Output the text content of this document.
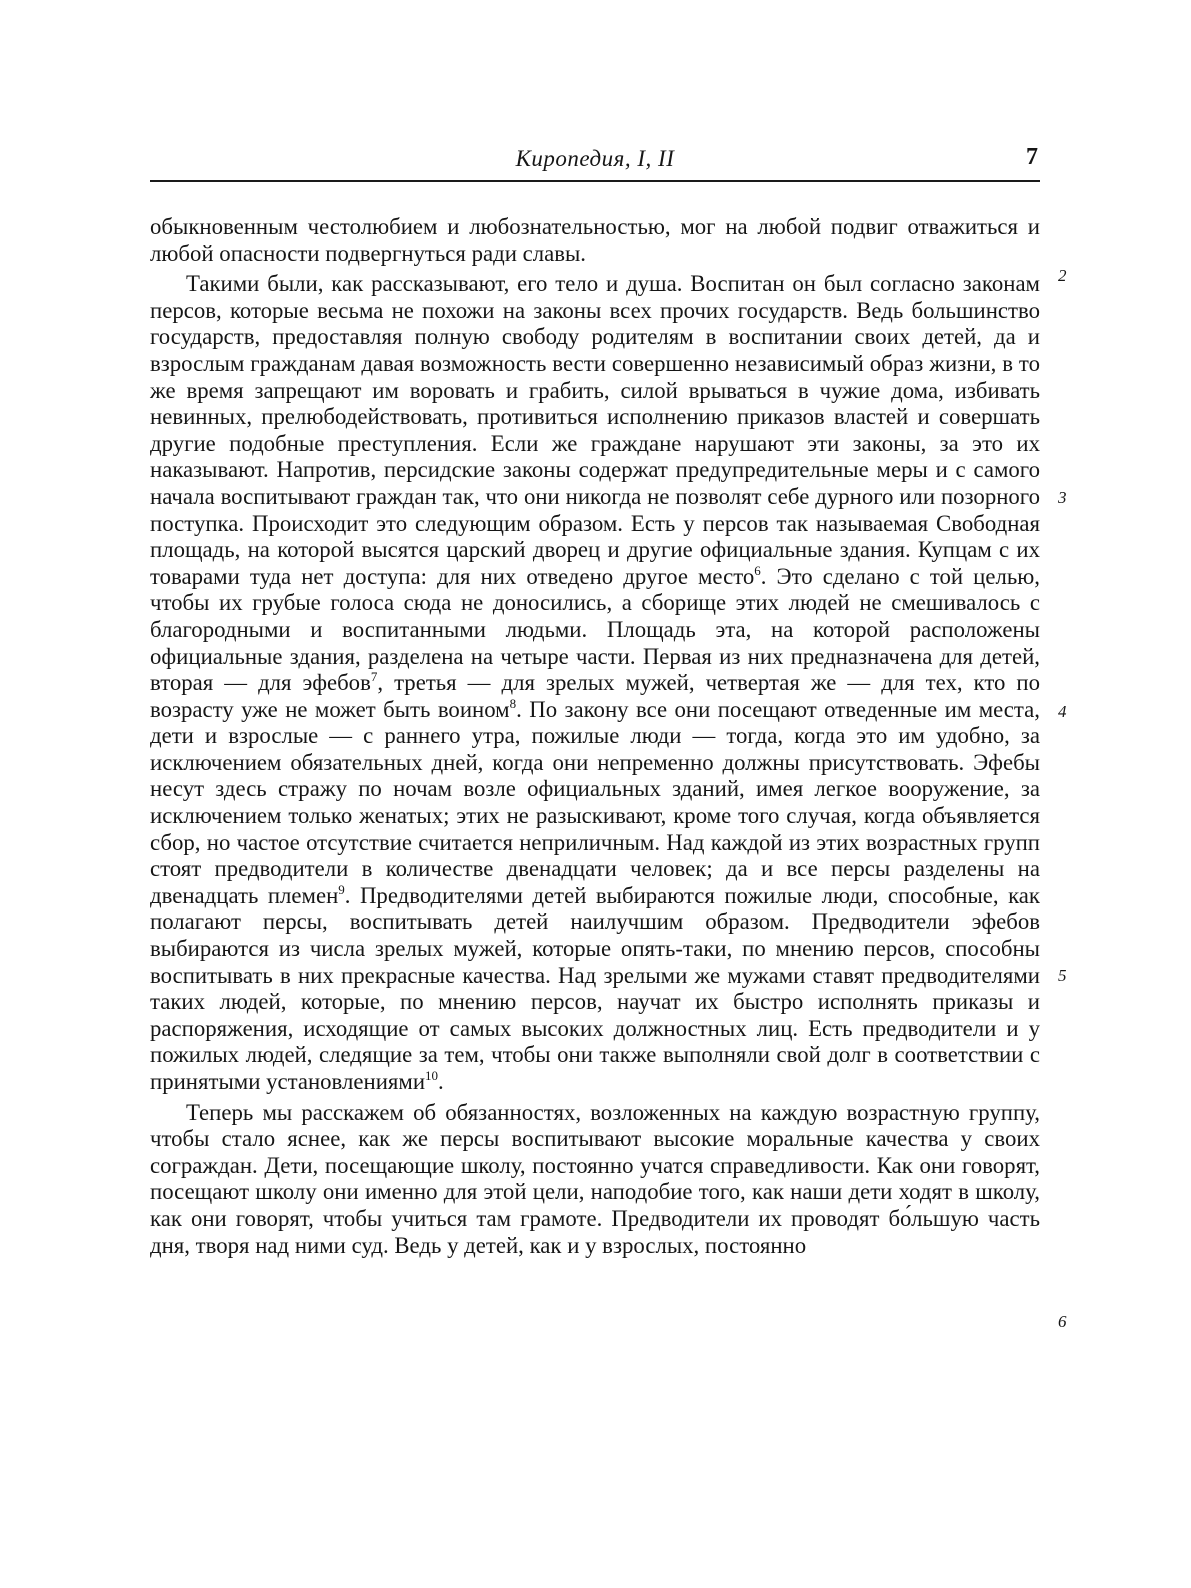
Киропедия, I, II	7

обыкновенным честолюбием и любознательностью, мог на любой подвиг отважиться и любой опасности подвергнуться ради славы.

Такими были, как рассказывают, его тело и душа. Воспитан он был согласно законам персов, которые весьма не похожи на законы всех прочих государств. Ведь большинство государств, предоставляя полную свободу родителям в воспитании своих детей, да и взрослым гражданам давая возможность вести совершенно независимый образ жизни, в то же время запрещают им воровать и грабить, силой врываться в чужие дома, избивать невинных, прелюбодействовать, противиться исполнению приказов властей и совершать другие подобные преступления. Если же граждане нарушают эти законы, за это их наказывают. Напротив, персидские законы содержат предупредительные меры и с самого начала воспитывают граждан так, что они никогда не позволят себе дурного или позорного поступка. Происходит это следующим образом. Есть у персов так называемая Свободная площадь, на которой высятся царский дворец и другие официальные здания. Купцам с их товарами туда нет доступа: для них отведено другое место$^6$. Это сделано с той целью, чтобы их грубые голоса сюда не доносились, а сборище этих людей не смешивалось с благородными и воспитанными людьми. Площадь эта, на которой расположены официальные здания, разделена на четыре части. Первая из них предназначена для детей, вторая — для эфебов$^7$, третья — для зрелых мужей, четвертая же — для тех, кто по возрасту уже не может быть воином$^8$. По закону все они посещают отведенные им места, дети и взрослые — с раннего утра, пожилые люди — тогда, когда это им удобно, за исключением обязательных дней, когда они непременно должны присутствовать. Эфебы несут здесь стражу по ночам возле официальных зданий, имея легкое вооружение, за исключением только женатых; этих не разыскивают, кроме того случая, когда объявляется сбор, но частое отсутствие считается неприличным. Над каждой из этих возрастных групп стоят предводители в количестве двенадцати человек; да и все персы разделены на двенадцать племен$^9$. Предводителями детей выбираются пожилые люди, способные, как полагают персы, воспитывать детей наилучшим образом. Предводители эфебов выбираются из числа зрелых мужей, которые опять-таки, по мнению персов, способны воспитывать в них прекрасные качества. Над зрелыми же мужами ставят предводителями таких людей, которые, по мнению персов, научат их быстро исполнять приказы и распоряжения, исходящие от самых высоких должностных лиц. Есть предводители и у пожилых людей, следящие за тем, чтобы они также выполняли свой долг в соответствии с принятыми установлениями$^{10}$.

Теперь мы расскажем об обязанностях, возложенных на каждую возрастную группу, чтобы стало яснее, как же персы воспитывают высокие моральные качества у своих сограждан. Дети, посещающие школу, постоянно учатся справедливости. Как они говорят, посещают школу они именно для этой цели, наподобие того, как наши дети ходят в школу, как они говорят, чтобы учиться там грамоте. Предводители их проводят бо́льшую часть дня, творя над ними суд. Ведь у детей, как и у взрослых, постоянно

2
3
4
5
6
